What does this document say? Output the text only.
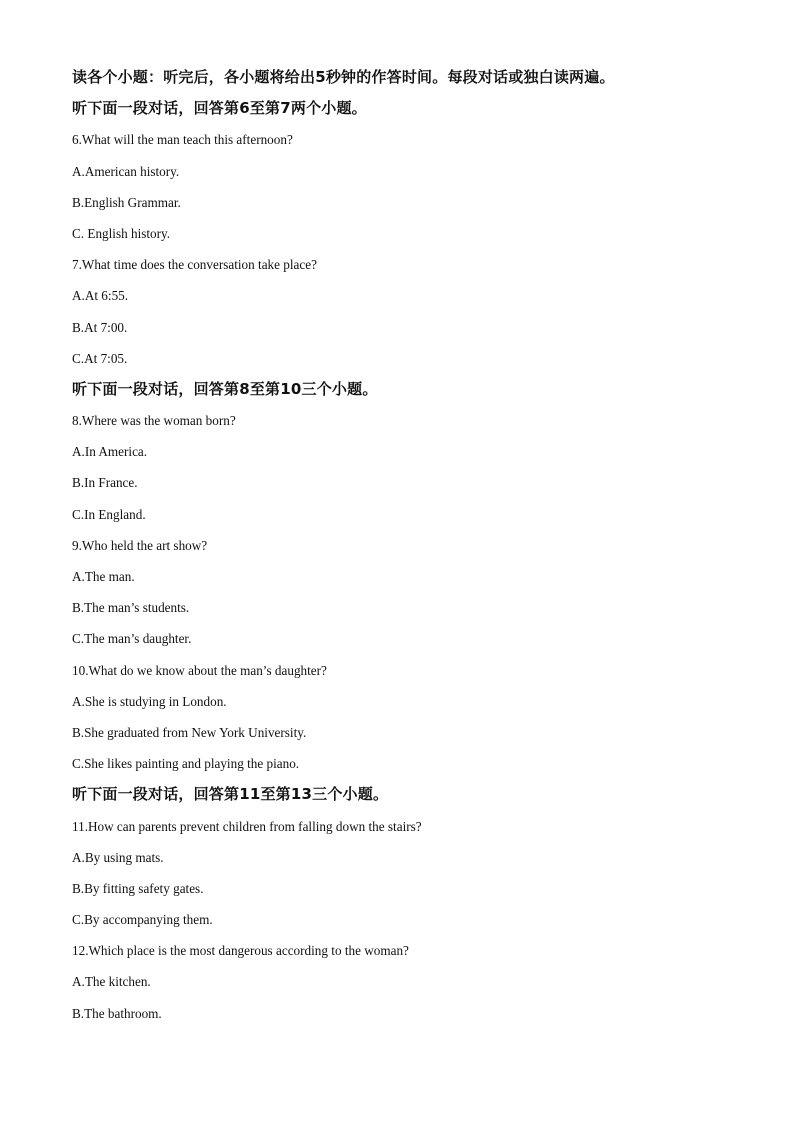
读各个小题：听完后，各小题将给出5秒钟的作答时间。每段对话或独白读两遍。
听下面一段对话，回答第6至第7两个小题。
6.What will the man teach this afternoon?
A.American history.
B.English Grammar.
C. English history.
7.What time does the conversation take place?
A.At 6:55.
B.At 7:00.
C.At 7:05.
听下面一段对话，回答第8至第10三个小题。
8.Where was the woman born?
A.In America.
B.In France.
C.In England.
9.Who held the art show?
A.The man.
B.The man’s students.
C.The man’s daughter.
10.What do we know about the man’s daughter?
A.She is studying in London.
B.She graduated from New York University.
C.She likes painting and playing the piano.
听下面一段对话，回答第11至第13三个小题。
11.How can parents prevent children from falling down the stairs?
A.By using mats.
B.By fitting safety gates.
C.By accompanying them.
12.Which place is the most dangerous according to the woman?
A.The kitchen.
B.The bathroom.
